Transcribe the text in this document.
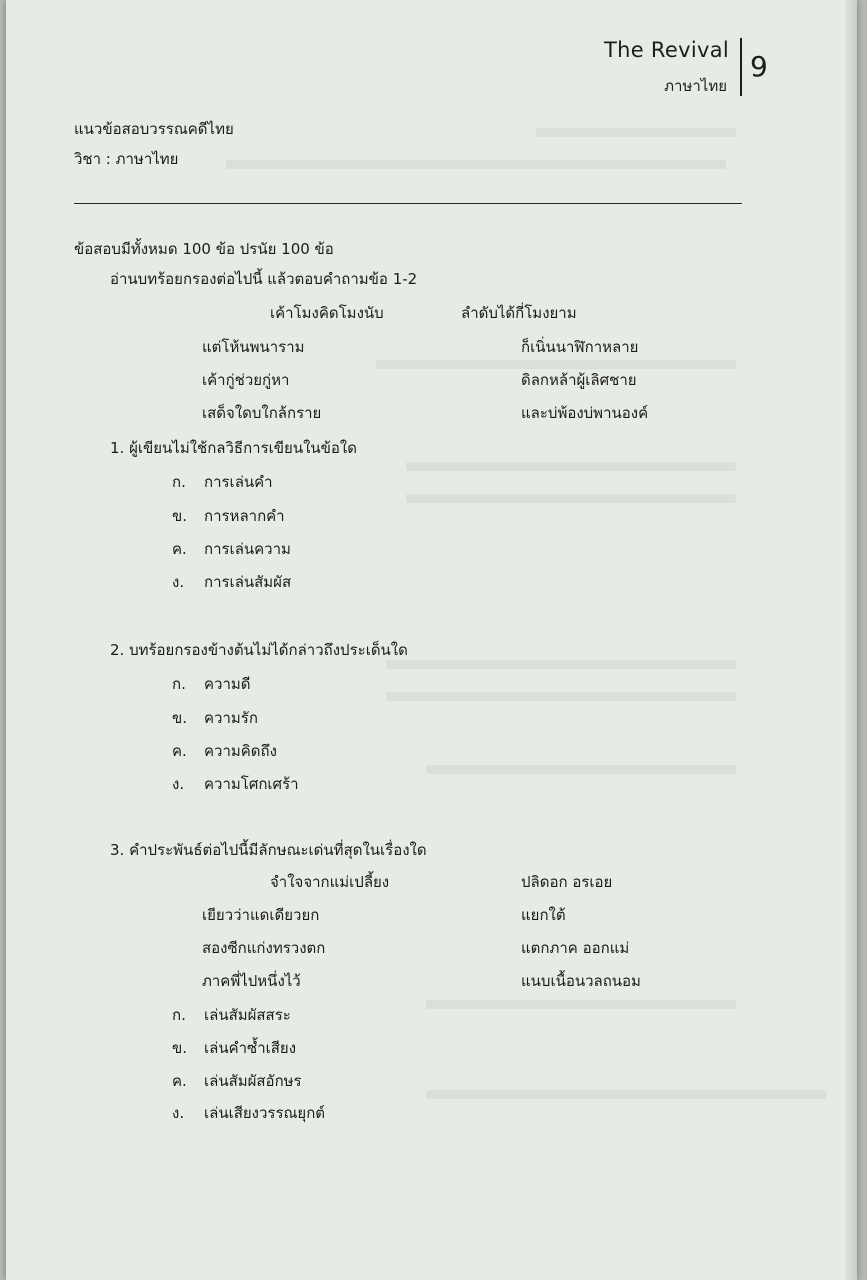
The Revival
ภาษาไทย
9
แนวข้อสอบวรรณคดีไทย
วิชา : ภาษาไทย
ข้อสอบมีทั้งหมด 100 ข้อ ปรนัย 100 ข้อ
อ่านบทร้อยกรองต่อไปนี้ แล้วตอบคำถามข้อ 1-2
เค้าโมงคิดโมงนับ	ลำดับได้กี่โมงยาม
แต่โห้นพนาราม	ก็เนิ่นนาฬิกาหลาย
เค้ากู่ช่วยกู่หา	ดิลกหล้าผู้เลิศชาย
เสด็จใดบใกล้กราย	และบ่พ้องบ่พานองค์
1. ผู้เขียนไม่ใช้กลวิธีการเขียนในข้อใด
ก. การเล่นคำ
ข. การหลากคำ
ค. การเล่นความ
ง. การเล่นสัมผัส
2. บทร้อยกรองข้างต้นไม่ได้กล่าวถึงประเด็นใด
ก. ความดี
ข. ความรัก
ค. ความคิดถึง
ง. ความโศกเศร้า
3. คำประพันธ์ต่อไปนี้มีลักษณะเด่นที่สุดในเรื่องใด
จำใจจากแม่เปลี้ยง	ปลิดอก อรเอย
เยียวว่าแดเดียวยก	แยกใต้
สองซีกแก่งทรวงตก	แตกภาค ออกแม่
ภาคพี่ไปหนึ่งไว้	แนบเนื้อนวลถนอม
ก. เล่นสัมผัสสระ
ข. เล่นคำซ้ำเสียง
ค. เล่นสัมผัสอักษร
ง. เล่นเสียงวรรณยุกต์
